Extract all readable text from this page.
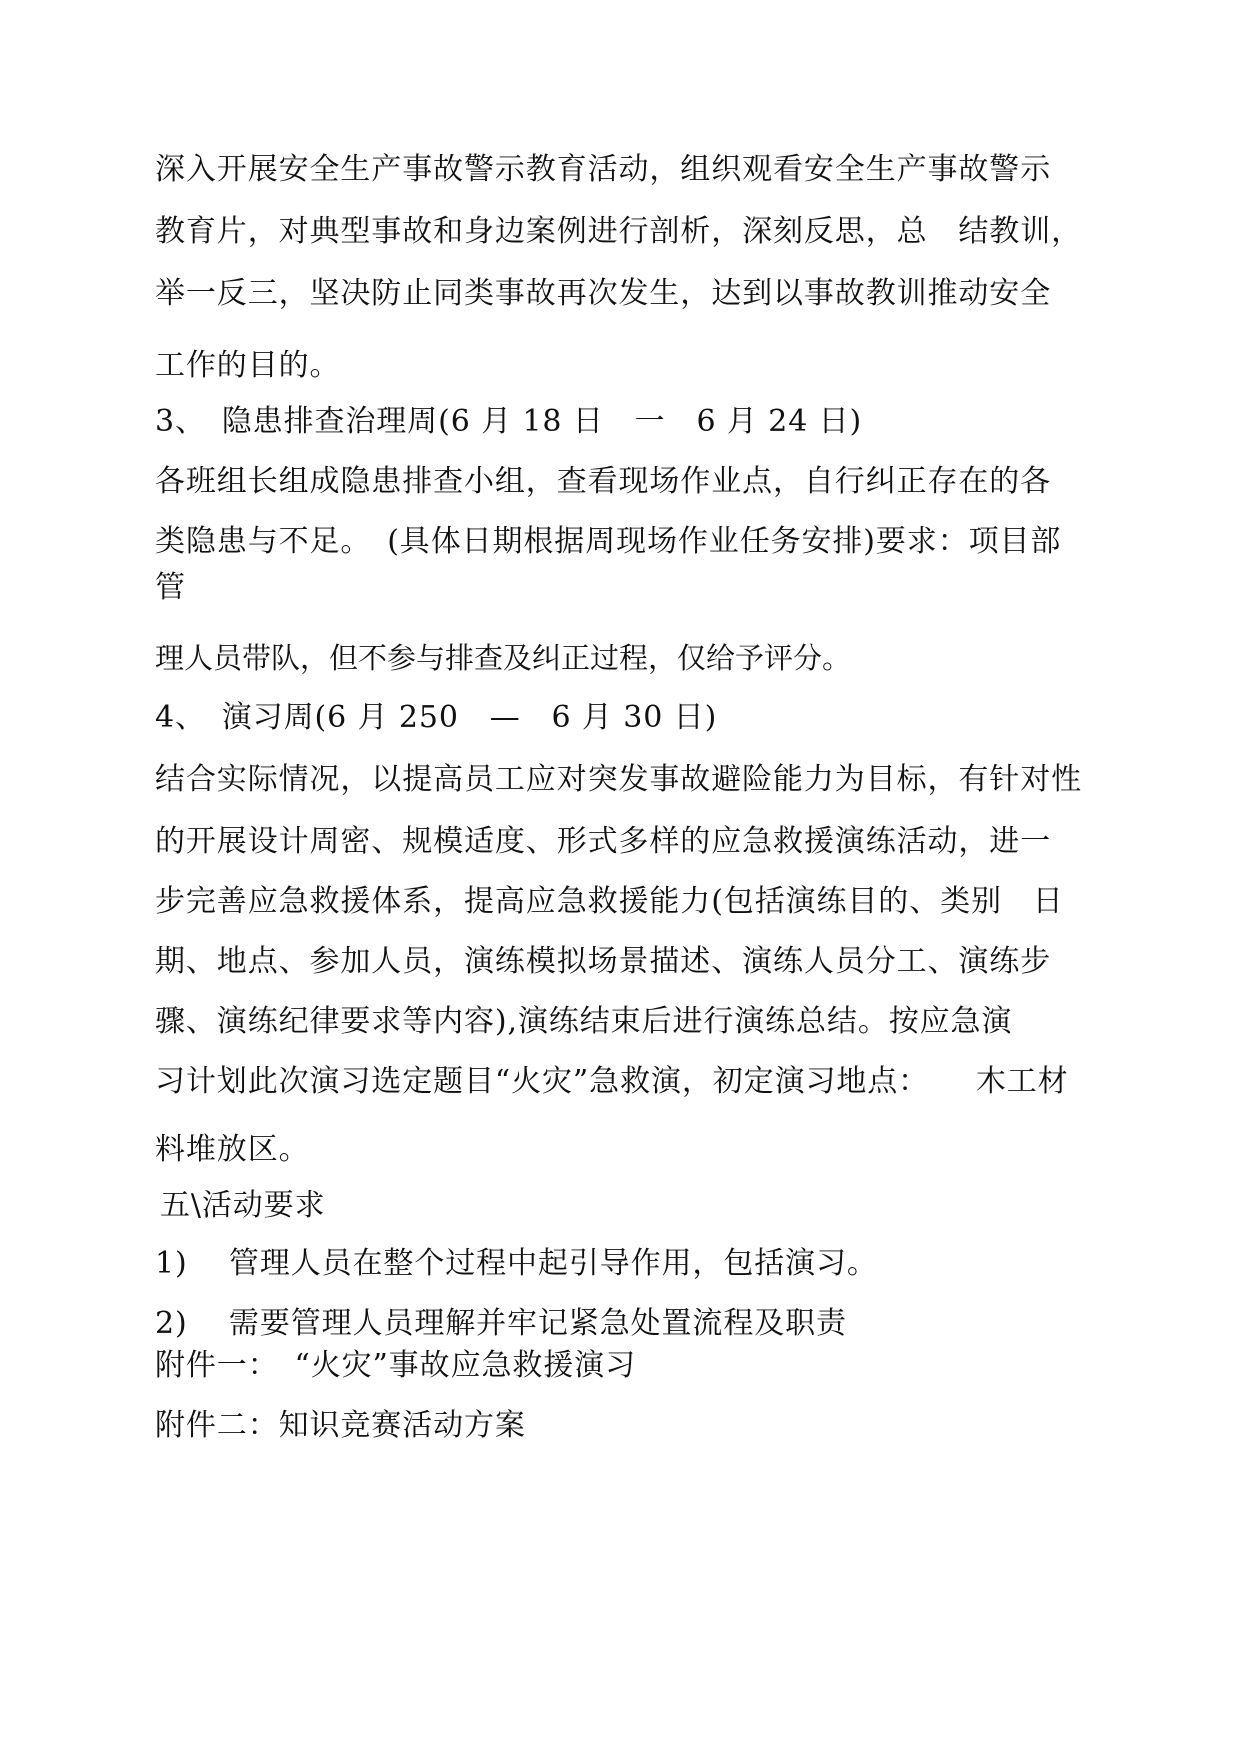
深入开展安全生产事故警示教育活动，组织观看安全生产事故警示

教育片，对典型事故和身边案例进行剖析，深刻反思，总　结教训，

举一反三，坚决防止同类事故再次发生，达到以事故教训推动安全

工作的目的。

3、　隐患排查治理周(6 月 18 日　一　6 月 24 日)

各班组长组成隐患排查小组，查看现场作业点，自行纠正存在的各

类隐患与不足。　(具体日期根据周现场作业任务安排)要求：项目部

管

理人员带队，但不参与排查及纠正过程，仅给予评分。

4、　演习周(6 月 250　—　6 月 30 日)

结合实际情况，以提高员工应对突发事故避险能力为目标，有针对性

的开展设计周密、规模适度、形式多样的应急救援演练活动，进一

步完善应急救援体系，提高应急救援能力(包括演练目的、类别　日

期、地点、参加人员，演练模拟场景描述、演练人员分工、演练步

骤、演练纪律要求等内容),演练结束后进行演练总结。按应急演

习计划此次演习选定题目“火灾”急救演，初定演习地点：　　木工材

料堆放区。

五\活动要求

1)　 管理人员在整个过程中起引导作用，包括演习。

2)　 需要管理人员理解并牢记紧急处置流程及职责

附件一：　“火灾”事故应急救援演习

附件二：知识竞赛活动方案
